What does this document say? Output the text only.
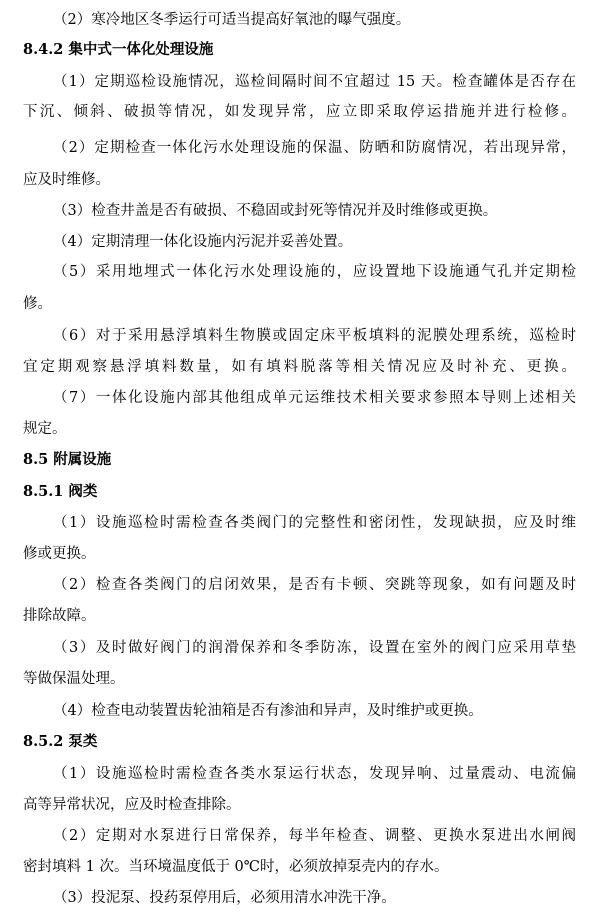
（2）寒冷地区冬季运行可适当提高好氧池的曝气强度。
8.4.2 集中式一体化处理设施
（1）定期巡检设施情况，巡检间隔时间不宜超过 15 天。检查罐体是否存在
下沉、倾斜、破损等情况，如发现异常，应立即采取停运措施并进行检修。
（2）定期检查一体化污水处理设施的保温、防晒和防腐情况，若出现异常，
应及时维修。
（3）检查井盖是否有破损、不稳固或封死等情况并及时维修或更换。
（4）定期清理一体化设施内污泥并妥善处置。
（5）采用地埋式一体化污水处理设施的，应设置地下设施通气孔并定期检
修。
（6）对于采用悬浮填料生物膜或固定床平板填料的泥膜处理系统，巡检时
宜定期观察悬浮填料数量，如有填料脱落等相关情况应及时补充、更换。
（7）一体化设施内部其他组成单元运维技术相关要求参照本导则上述相关
规定。
8.5 附属设施
8.5.1 阀类
（1）设施巡检时需检查各类阀门的完整性和密闭性，发现缺损，应及时维
修或更换。
（2）检查各类阀门的启闭效果，是否有卡顿、突跳等现象，如有问题及时
排除故障。
（3）及时做好阀门的润滑保养和冬季防冻，设置在室外的阀门应采用草垫
等做保温处理。
（4）检查电动装置齿轮油箱是否有渗油和异声，及时维护或更换。
8.5.2 泵类
（1）设施巡检时需检查各类水泵运行状态，发现异响、过量震动、电流偏
高等异常状况，应及时检查排除。
（2）定期对水泵进行日常保养，每半年检查、调整、更换水泵进出水闸阀
密封填料 1 次。当环境温度低于 0℃时，必须放掉泵壳内的存水。
（3）投泥泵、投药泵停用后，必须用清水冲洗干净。
